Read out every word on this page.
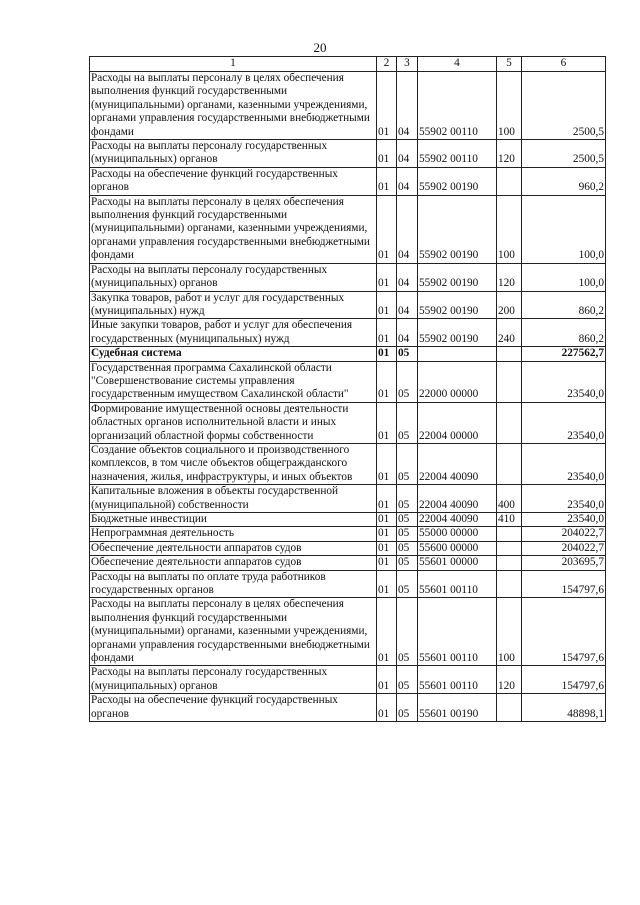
20
1	2	3	4	5	6
Расходы на выплаты персоналу в целях обеспечения выполнения функций государственными (муниципальными) органами, казенными учреждениями, органами управления государственными внебюджетными фондами	01	04	55902 00110	100	2500,5
Расходы на выплаты персоналу государственных (муниципальных) органов	01	04	55902 00110	120	2500,5
Расходы на обеспечение функций государственных органов	01	04	55902 00190		960,2
Расходы на выплаты персоналу в целях обеспечения выполнения функций государственными (муниципальными) органами, казенными учреждениями, органами управления государственными внебюджетными фондами	01	04	55902 00190	100	100,0
Расходы на выплаты персоналу государственных (муниципальных) органов	01	04	55902 00190	120	100,0
Закупка товаров, работ и услуг для государственных (муниципальных) нужд	01	04	55902 00190	200	860,2
Иные закупки товаров, работ и услуг для обеспечения государственных (муниципальных) нужд	01	04	55902 00190	240	860,2
Судебная система	01	05			227562,7
Государственная программа Сахалинской области "Совершенствование системы управления государственным имуществом Сахалинской области"	01	05	22000 00000		23540,0
Формирование имущественной основы деятельности областных органов исполнительной власти и иных организаций областной формы собственности	01	05	22004 00000		23540,0
Создание объектов социального и производственного комплексов, в том числе объектов общегражданского назначения, жилья, инфраструктуры, и иных объектов	01	05	22004 40090		23540,0
Капитальные вложения в объекты государственной (муниципальной) собственности	01	05	22004 40090	400	23540,0
Бюджетные инвестиции	01	05	22004 40090	410	23540,0
Непрограммная деятельность	01	05	55000 00000		204022,7
Обеспечение деятельности аппаратов судов	01	05	55600 00000		204022,7
Обеспечение деятельности аппаратов судов	01	05	55601 00000		203695,7
Расходы на выплаты по оплате труда работников государственных органов	01	05	55601 00110		154797,6
Расходы на выплаты персоналу в целях обеспечения выполнения функций государственными (муниципальными) органами, казенными учреждениями, органами управления государственными внебюджетными фондами	01	05	55601 00110	100	154797,6
Расходы на выплаты персоналу государственных (муниципальных) органов	01	05	55601 00110	120	154797,6
Расходы на обеспечение функций государственных органов	01	05	55601 00190		48898,1
